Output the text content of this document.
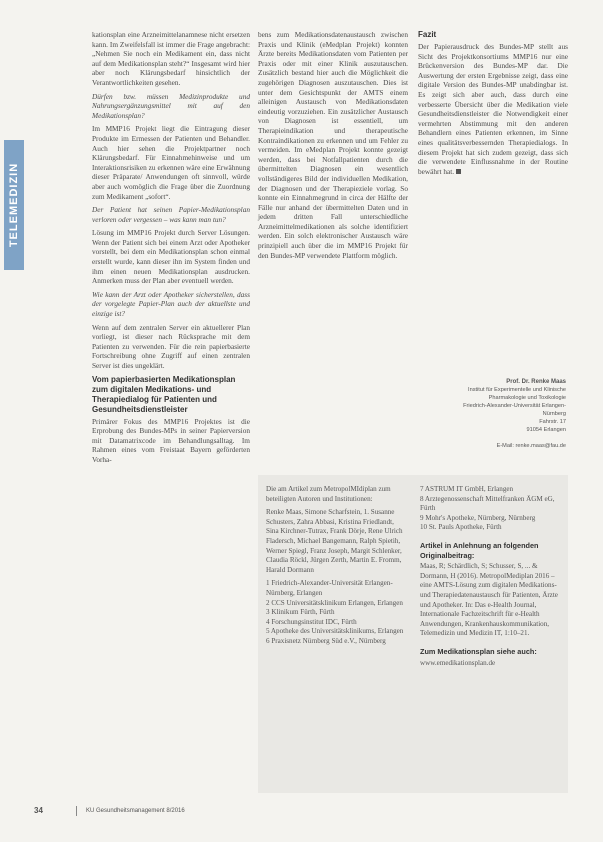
TELEMEDIZIN

kationsplan eine Arzneimittelanamnese nicht ersetzen kann. Im Zweifelsfall ist immer die Frage angebracht: „Nehmen Sie noch ein Medikament ein, dass nicht auf dem Medikationsplan steht?“ Insgesamt wird hier aber noch Klärungsbedarf hinsichtlich der Verantwortlichkeiten gesehen.

Dürfen bzw. müssen Medizinprodukte und Nahrungsergänzungsmittel mit auf den Medikationsplan?

Im MMP16 Projekt liegt die Eintragung dieser Produkte im Ermessen der Patienten und Behandler. Auch hier sehen die Projektpartner noch Klärungsbedarf. Für Einnahmehinweise und um Interaktionsrisiken zu erkennen wäre eine Erwähnung dieser Präparate/ Anwendungen oft sinnvoll, würde aber auch womöglich die Frage über die Zuordnung zum Medikament „sofort“.

Der Patient hat seinen Papier-Medikationsplan verloren oder vergessen – was kann man tun?

Lösung im MMP16 Projekt durch Server Lösungen. Wenn der Patient sich bei einem Arzt oder Apotheker vorstellt, bei dem ein Medikationsplan schon einmal erstellt wurde, kann dieser ihn im System finden und ihm einen neuen Medikationsplan ausdrucken. Anmerken muss der Plan aber eventuell werden.

Wie kann der Arzt oder Apotheker sicherstellen, dass der vorgelegte Papier-Plan auch der aktuellste und einzige ist?

Wenn auf dem zentralen Server ein aktuellerer Plan vorliegt, ist dieser nach Rücksprache mit dem Patienten zu verwenden. Für die rein papierbasierte Fortschreibung ohne Zugriff auf einen zentralen Server ist dies ungeklärt.

Vom papierbasierten Medikationsplan zum digitalen Medikations- und Therapiedialog für Patienten und Gesundheitsdienstleister

Primärer Fokus des MMP16 Projektes ist die Erprobung des Bundes-MPs in seiner Papierversion mit Datamatrixcode im Behandlungsalltag. Im Rahmen eines vom Freistaat Bayern geförderten Vorha-

bens zum Medikationsdatenaustausch zwischen Praxis und Klinik (eMedplan Projekt) konnten Ärzte bereits Medikationsdaten vom Patienten per Praxis oder mit einer Klinik auszutauschen. Zusätzlich bestand hier auch die Möglichkeit die zugehörigen Diagnosen auszutauschen. Dies ist unter dem Gesichtspunkt der AMTS einem alleinigen Austausch von Medikationsdaten eindeutig vorzuziehen. Ein zusätzlicher Austausch von Diagnosen ist essentiell, um Therapieindikation und therapeutische Kontraindikationen zu erkennen und um Fehler zu vermeiden. Im eMedplan Projekt konnte gezeigt werden, dass bei Notfallpatienten durch die übermittelten Diagnosen ein wesentlich vollständigeres Bild der individuellen Medikation, der Diagnosen und der Therapieziele vorlag. So konnte ein Einnahmegrund in circa der Hälfte der Fälle nur anhand der übermittelten Daten und in jedem dritten Fall unterschiedliche Arzneimittelmedikationen als solche identifiziert werden. Ein solch elektronischer Austausch wäre prinzipiell auch über die im MMP16 Projekt für den Bundes-MP verwendete Plattform möglich.

Fazit

Der Papierausdruck des Bundes-MP stellt aus Sicht des Projektkonsortiums MMP16 nur eine Brückenversion des Bundes-MP dar. Die Auswertung der ersten Ergebnisse zeigt, dass eine digitale Version des Bundes-MP unabdingbar ist. Es zeigt sich aber auch, dass durch eine verbesserte Übersicht über die Medikation viele Gesundheitsdienstleister die Notwendigkeit einer vermehrten Abstimmung mit den anderen Behandlern eines Patienten erkennen, im Sinne eines qualitätsverbessernden Therapiedialogs. In diesem Projekt hat sich zudem gezeigt, dass sich die verwendete Einflussnahme in der Routine bewährt hat.

Prof. Dr. Renke Maas
Institut für Experimentelle und Klinische
Pharmakologie und Toxikologie
Friedrich-Alexander-Universität Erlangen-
Nürnberg
Fahrstr. 17
91054 Erlangen
E-Mail: renke.maas@fau.de

Die am Artikel zum MetropolMIdiplan zum beteiligten Autoren und Institutionen:

Renke Maas, Simone Scharfstein, 1. Susanne Schusters, Zahra Abbasi, Kristina Friedlandt, Sina Kirchner-Tutrax, Frank Dörje, Rene Ulrich Fladersch, Michael Bangemann, Ralph Spietih, Werner Spiegl, Franz Joseph, Margit Schlenker, Claudia Röckl, Jürgen Zerth, Martin E. Fromm, Harald Dormann

1 Friedrich-Alexander-Universität Erlangen-Nürnberg, Erlangen
2 CCS Universitätsklinikum Erlangen, Erlangen
3 Klinikum Fürth, Fürth
4 Forschungsinstitut IDC, Fürth
5 Apotheke des Universitätsklinikums, Erlangen
6 Praxisnetz Nürnberg Süd e.V., Nürnberg
7 ASTRUM IT GmbH, Erlangen
8 Arztegenossenschaft Mittelfranken ÄGM eG, Fürth
9 Mohr's Apotheke, Nürnberg, Nürnberg
10 St. Pauls Apotheke, Fürth
Artikel in Anlehnung an folgenden Originalbeitrag:

Maas, R; Schärdlich, S; Schusser, S, ... & Dormann, H (2016). MetropolMediplan 2016 – eine AMTS-Lösung zum digitalen Medikations- und Therapiedatenaustausch für Patienten, Ärzte und Apotheker. In: Das e-Health Journal, Internationale Fachzeitschrift für e-Health Anwendungen, Krankenhauskommunikation, Telemedizin und Medizin IT, 1:10–21.

Zum Medikationsplan siehe auch:

www.emedikationsplan.de

34	KU Gesundheitsmanagement 8/2016
